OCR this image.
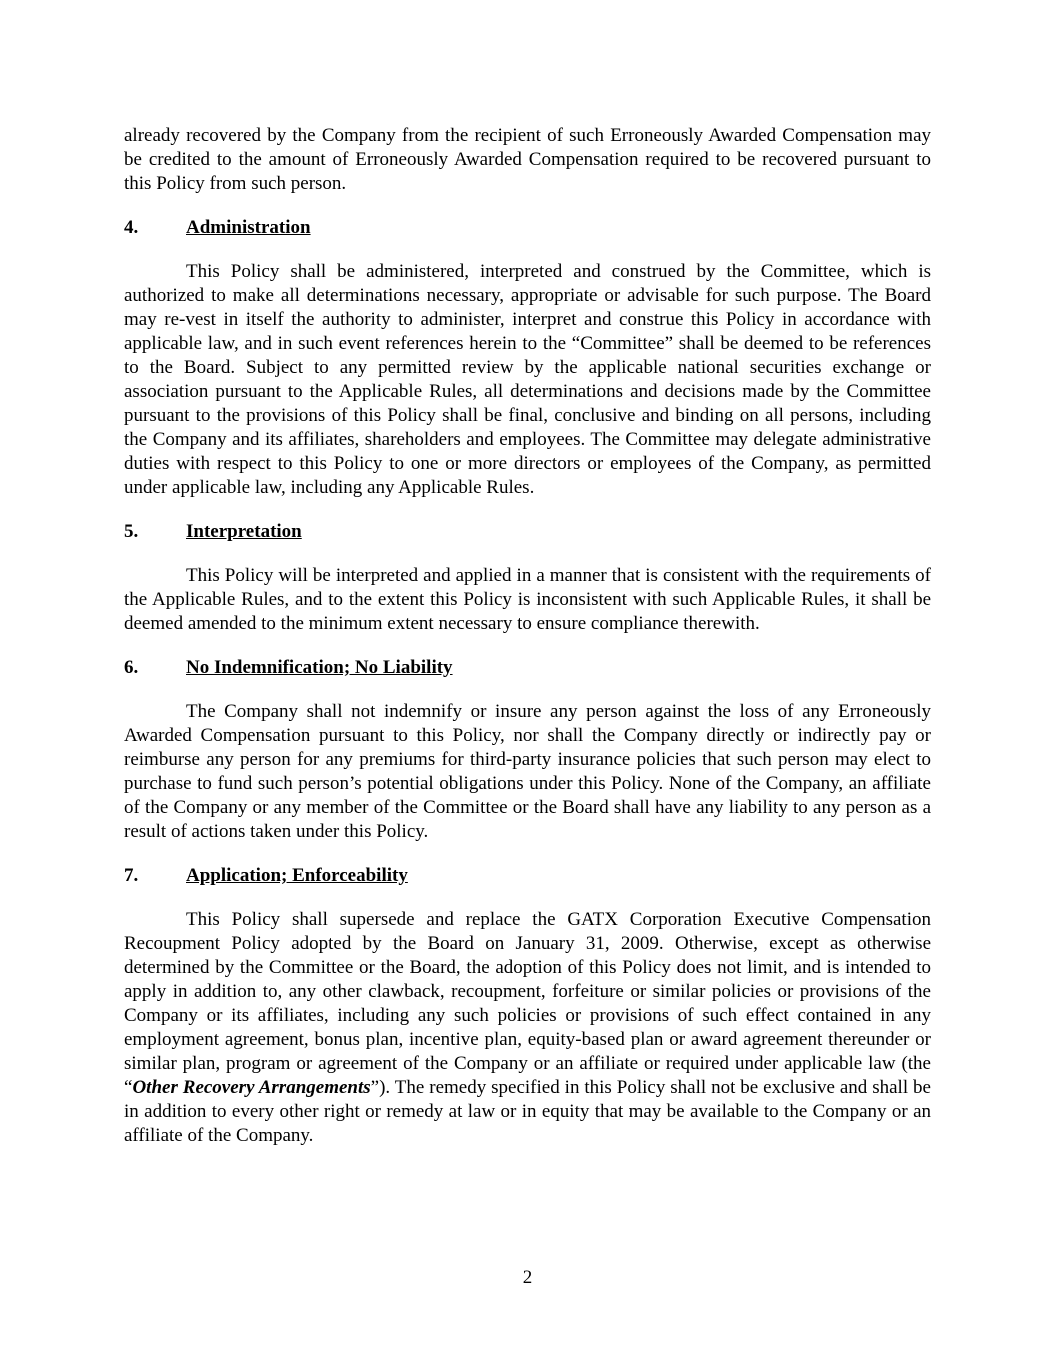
already recovered by the Company from the recipient of such Erroneously Awarded Compensation may be credited to the amount of Erroneously Awarded Compensation required to be recovered pursuant to this Policy from such person.

4.	Administration

This Policy shall be administered, interpreted and construed by the Committee, which is authorized to make all determinations necessary, appropriate or advisable for such purpose. The Board may re-vest in itself the authority to administer, interpret and construe this Policy in accordance with applicable law, and in such event references herein to the “Committee” shall be deemed to be references to the Board. Subject to any permitted review by the applicable national securities exchange or association pursuant to the Applicable Rules, all determinations and decisions made by the Committee pursuant to the provisions of this Policy shall be final, conclusive and binding on all persons, including the Company and its affiliates, shareholders and employees. The Committee may delegate administrative duties with respect to this Policy to one or more directors or employees of the Company, as permitted under applicable law, including any Applicable Rules.

5.	Interpretation

This Policy will be interpreted and applied in a manner that is consistent with the requirements of the Applicable Rules, and to the extent this Policy is inconsistent with such Applicable Rules, it shall be deemed amended to the minimum extent necessary to ensure compliance therewith.

6.	No Indemnification; No Liability

The Company shall not indemnify or insure any person against the loss of any Erroneously Awarded Compensation pursuant to this Policy, nor shall the Company directly or indirectly pay or reimburse any person for any premiums for third-party insurance policies that such person may elect to purchase to fund such person’s potential obligations under this Policy. None of the Company, an affiliate of the Company or any member of the Committee or the Board shall have any liability to any person as a result of actions taken under this Policy.

7.	Application; Enforceability

This Policy shall supersede and replace the GATX Corporation Executive Compensation Recoupment Policy adopted by the Board on January 31, 2009. Otherwise, except as otherwise determined by the Committee or the Board, the adoption of this Policy does not limit, and is intended to apply in addition to, any other clawback, recoupment, forfeiture or similar policies or provisions of the Company or its affiliates, including any such policies or provisions of such effect contained in any employment agreement, bonus plan, incentive plan, equity-based plan or award agreement thereunder or similar plan, program or agreement of the Company or an affiliate or required under applicable law (the “Other Recovery Arrangements”). The remedy specified in this Policy shall not be exclusive and shall be in addition to every other right or remedy at law or in equity that may be available to the Company or an affiliate of the Company.

2
